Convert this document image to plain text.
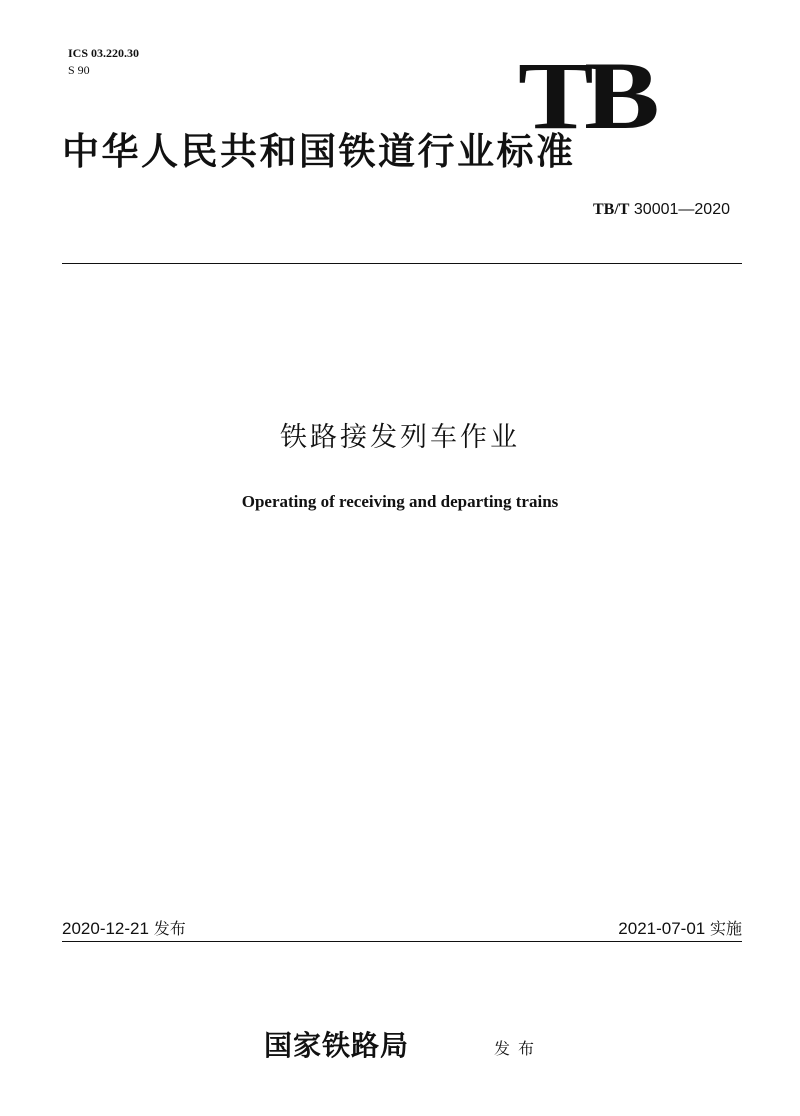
ICS 03.220.30
S 90	TB
中华人民共和国铁道行业标准
TB/T 30001—2020
铁路接发列车作业
Operating of receiving and departing trains
2020-12-21 发布	2021-07-01 实施
国家铁路局	发布
